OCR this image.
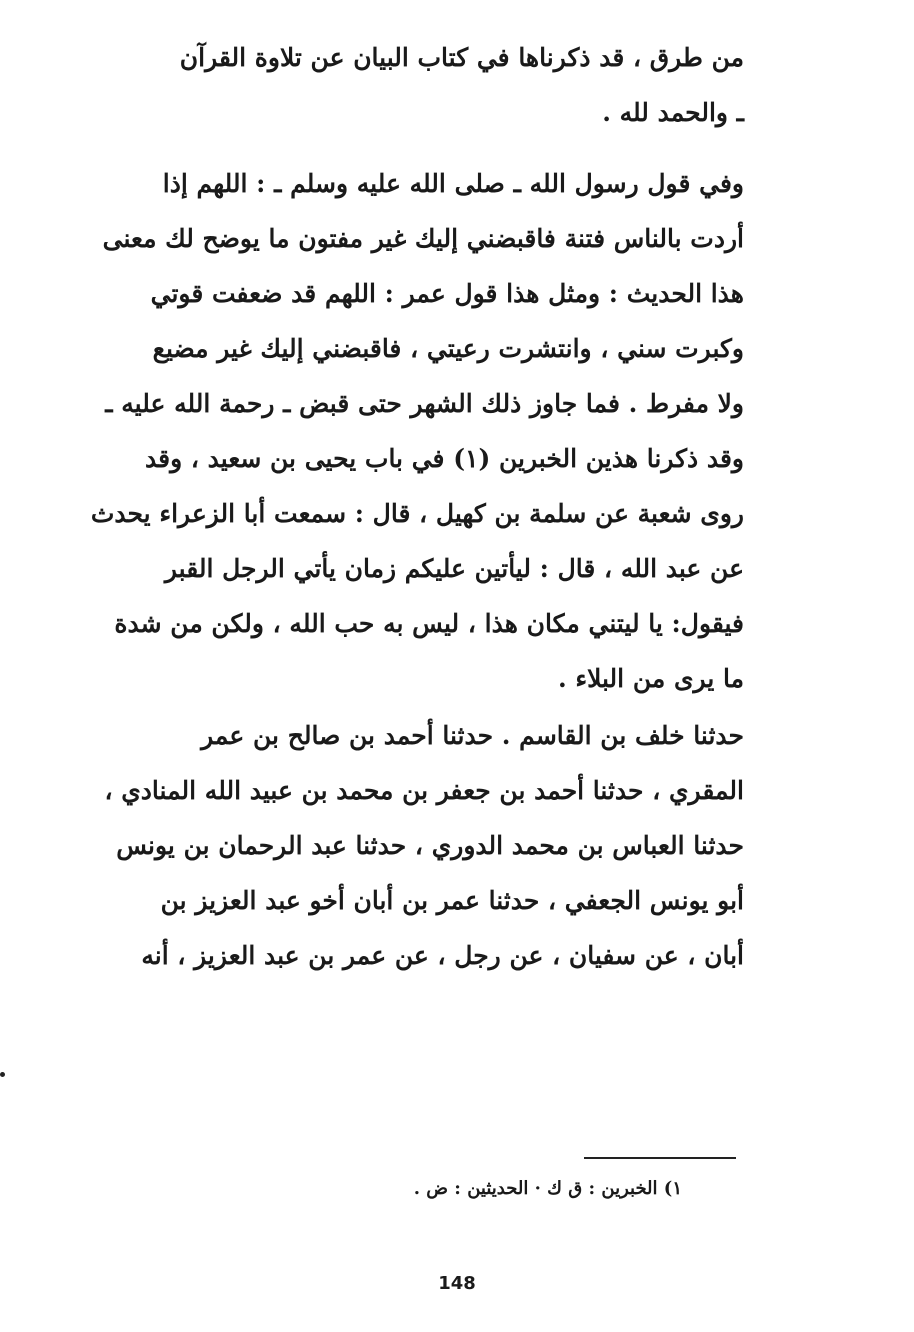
من طرق ، قد ذكرناها في كتاب البيان عن تلاوة القرآن
ـ والحمد لله .
وفي قول رسول الله ـ صلى الله عليه وسلم ـ : اللهم إذا
أردت بالناس فتنة فاقبضني إليك غير مفتون ما يوضح لك معنى
هذا الحديث : ومثل هذا قول عمر : اللهم قد ضعفت قوتي
وكبرت سني ، وانتشرت رعيتي ، فاقبضني إليك غير مضيع
ولا مفرط . فما جاوز ذلك الشهر حتى قبض ـ رحمة الله عليه ـ
وقد ذكرنا هذين الخبرين (١) في باب يحيى بن سعيد ، وقد
روى شعبة عن سلمة بن كهيل ، قال : سمعت أبا الزعراء يحدث
عن عبد الله ، قال : ليأتين عليكم زمان يأتي الرجل القبر
فيقول: يا ليتني مكان هذا ، ليس به حب الله ، ولكن من شدة
ما يرى من البلاء .
حدثنا خلف بن القاسم . حدثنا أحمد بن صالح بن عمر
المقري ، حدثنا أحمد بن جعفر بن محمد بن عبيد الله المنادي ،
حدثنا العباس بن محمد الدوري ، حدثنا عبد الرحمان بن يونس
أبو يونس الجعفي ، حدثنا عمر بن أبان أخو عبد العزيز بن
أبان ، عن سفيان ، عن رجل ، عن عمر بن عبد العزيز ، أنه
١) الخبرين : ق ك · الحديثين : ض .
148
